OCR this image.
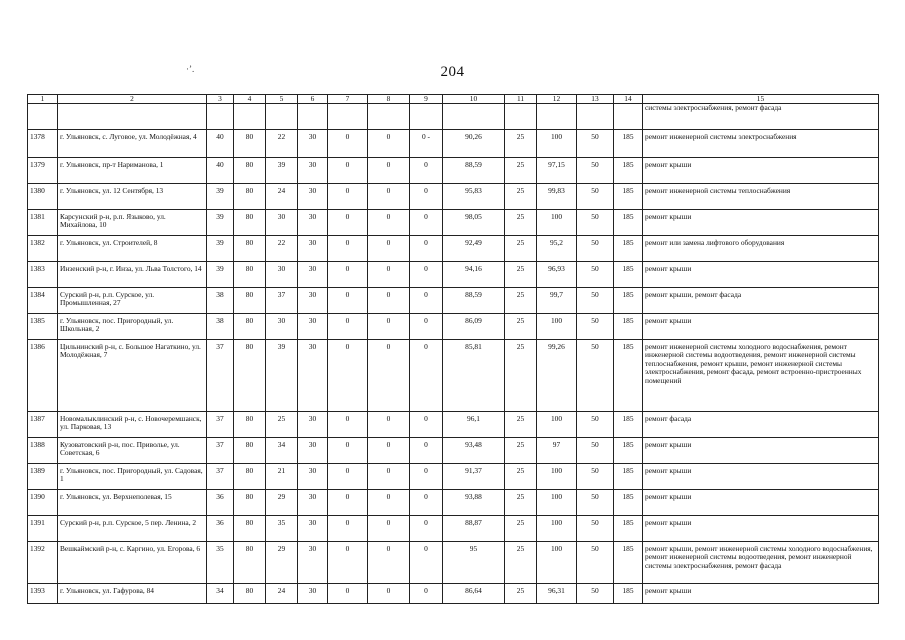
204
·ʼ.
1	2	3	4	5	6	7	8	9	10	11	12	13	14	15
														системы электроснабжения, ремонт фасада
1378	г. Ульяновск, с. Луговое, ул. Молодёжная, 4	40	80	22	30	0	0	0 -	90,26	25	100	50	185	ремонт инженерной системы электроснабжения
1379	г. Ульяновск, пр-т Нариманова, 1	40	80	39	30	0	0	0	88,59	25	97,15	50	185	ремонт крыши
1380	г. Ульяновск, ул. 12 Сентября, 13	39	80	24	30	0	0	0	95,83	25	99,83	50	185	ремонт инженерной системы теплоснабжения
1381	Карсунский р-н, р.п. Языково, ул. Михайлова, 10	39	80	30	30	0	0	0	98,05	25	100	50	185	ремонт крыши
1382	г. Ульяновск, ул. Строителей, 8	39	80	22	30	0	0	0	92,49	25	95,2	50	185	ремонт или замена лифтового оборудования
1383	Инзенский р-н, г. Инза, ул. Льва Толстого, 14	39	80	30	30	0	0	0	94,16	25	96,93	50	185	ремонт крыши
1384	Сурский р-н, р.п. Сурское, ул. Промышленная, 27	38	80	37	30	0	0	0	88,59	25	99,7	50	185	ремонт крыши, ремонт фасада
1385	г. Ульяновск, пос. Пригородный, ул. Школьная, 2	38	80	30	30	0	0	0	86,09	25	100	50	185	ремонт крыши
1386	Цильнинский р-н, с. Большое Нагаткино, ул. Молодёжная, 7	37	80	39	30	0	0	0	85,81	25	99,26	50	185	ремонт инженерной системы холодного водоснабжения, ремонт инженерной системы водоотведения, ремонт инженерной системы теплоснабжения, ремонт крыши, ремонт инженерной системы электроснабжения, ремонт фасада, ремонт встроенно-пристроенных помещений
1387	Новомалыклинский р-н, с. Новочеремшанск, ул. Парковая, 13	37	80	25	30	0	0	0	96,1	25	100	50	185	ремонт фасада
1388	Кузоватовский р-н, пос. Приволье, ул. Советская, 6	37	80	34	30	0	0	0	93,48	25	97	50	185	ремонт крыши
1389	г. Ульяновск, пос. Пригородный, ул. Садовая, 1	37	80	21	30	0	0	0	91,37	25	100	50	185	ремонт крыши
1390	г. Ульяновск, ул. Верхнеполевая, 15	36	80	29	30	0	0	0	93,88	25	100	50	185	ремонт крыши
1391	Сурский р-н, р.п. Сурское, 5 пер. Ленина, 2	36	80	35	30	0	0	0	88,87	25	100	50	185	ремонт крыши
1392	Вешкаймский р-н, с. Каргино, ул. Егорова, 6	35	80	29	30	0	0	0	95	25	100	50	185	ремонт крыши, ремонт инженерной системы холодного водоснабжения, ремонт инженерной системы водоотведения, ремонт инженерной системы электроснабжения, ремонт фасада
1393	г. Ульяновск, ул. Гафурова, 84	34	80	24	30	0	0	0	86,64	25	96,31	50	185	ремонт крыши
